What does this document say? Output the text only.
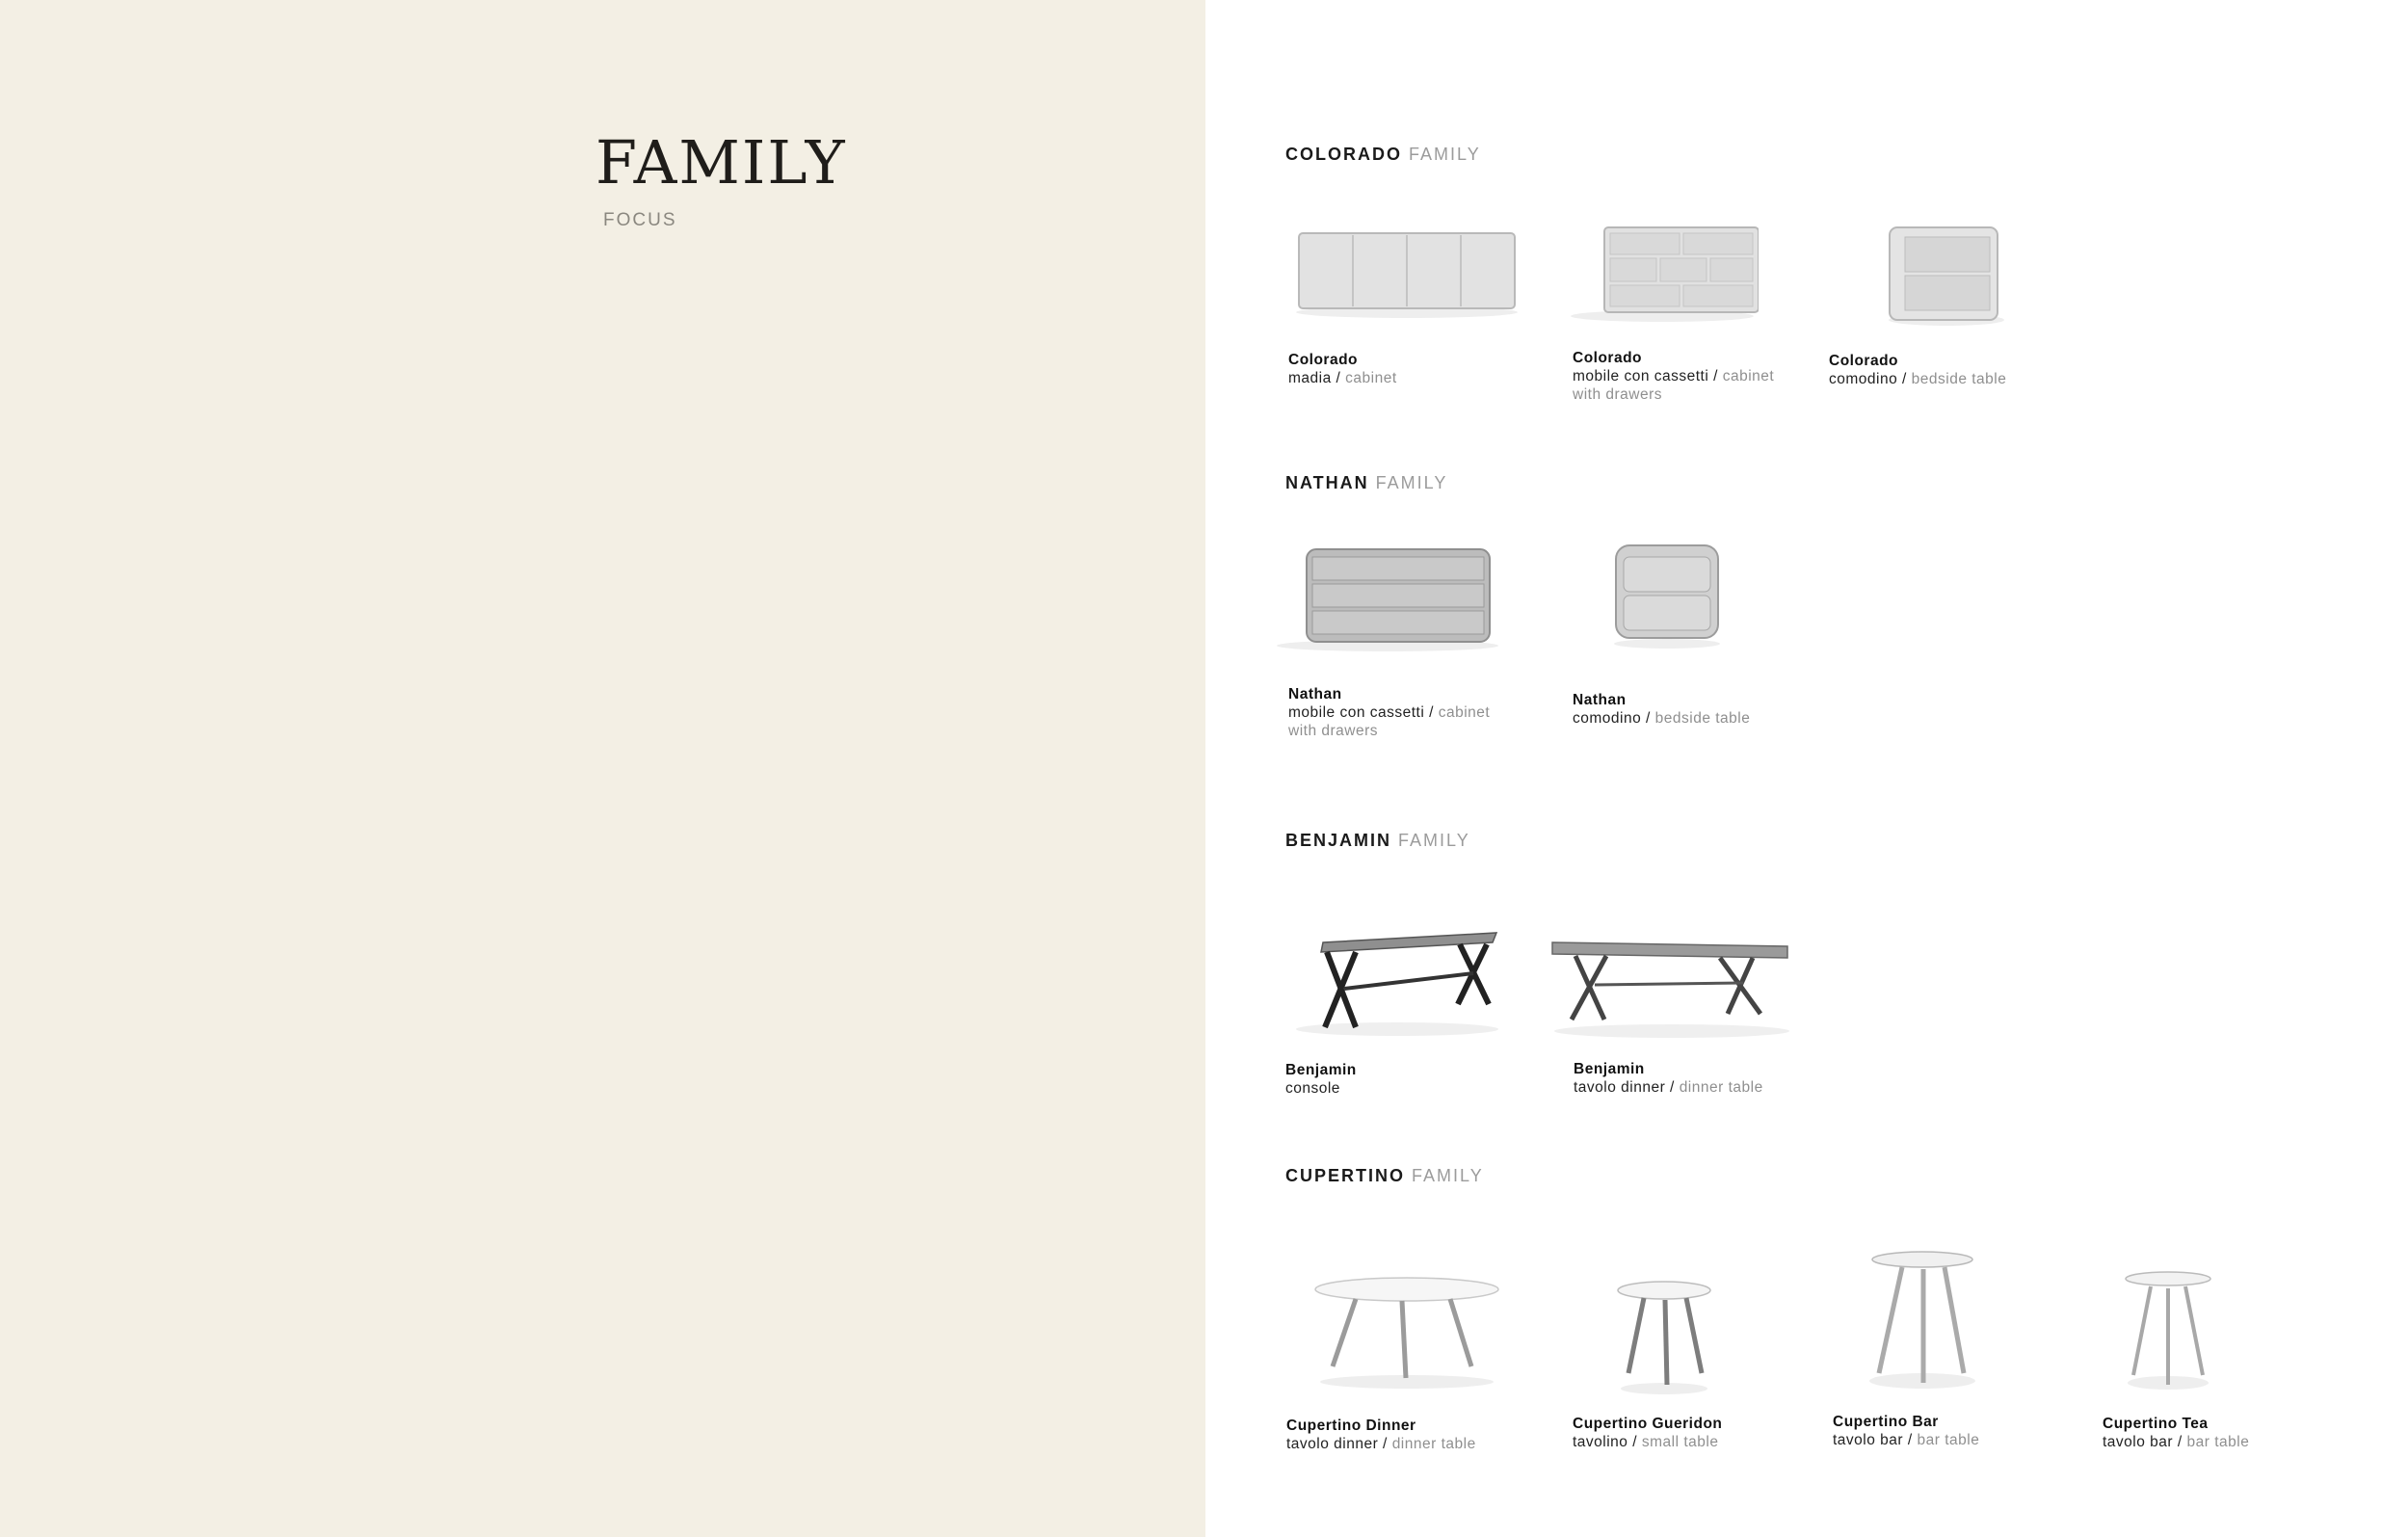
FAMILY
FOCUS
COLORADO FAMILY
Colorado
madia / cabinet
Colorado
mobile con cassetti / cabinet with drawers
Colorado
comodino / bedside table
NATHAN FAMILY
Nathan
mobile con cassetti / cabinet with drawers
Nathan
comodino / bedside table
BENJAMIN FAMILY
Benjamin
console
Benjamin
tavolo dinner / dinner table
CUPERTINO FAMILY
Cupertino Dinner
tavolo dinner / dinner table
Cupertino Gueridon
tavolino / small table
Cupertino Bar
tavolo bar / bar table
Cupertino Tea
tavolo bar / bar table
